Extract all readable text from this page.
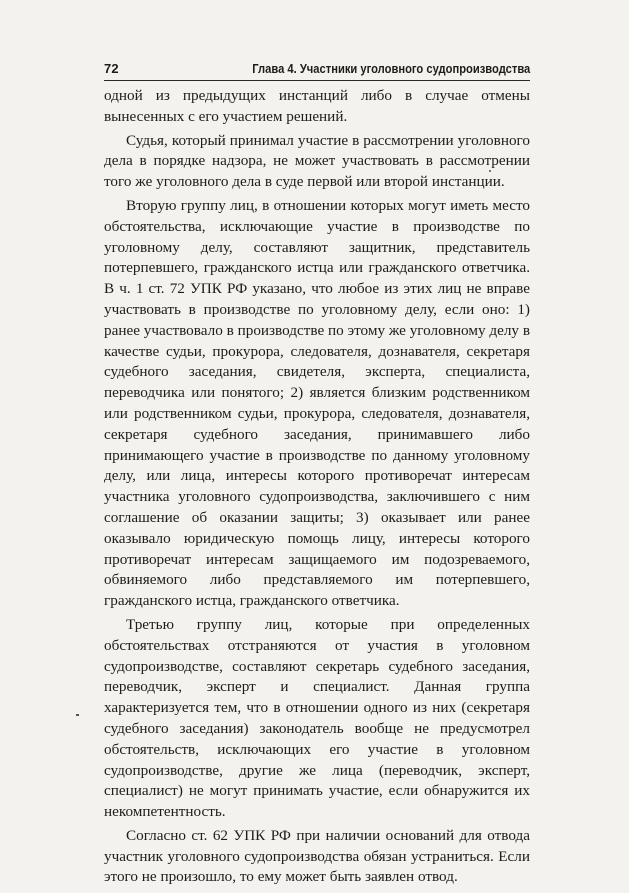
72	Глава 4. Участники уголовного судопроизводства

одной из предыдущих инстанций либо в случае отмены вынесенных с его участием решений.

Судья, который принимал участие в рассмотрении уголовного дела в порядке надзора, не может участвовать в рассмотрении того же уголовного дела в суде первой или второй инстанции.

Вторую группу лиц, в отношении которых могут иметь место обстоятельства, исключающие участие в производстве по уголовному делу, составляют защитник, представитель потерпевшего, гражданского истца или гражданского ответчика. В ч. 1 ст. 72 УПК РФ указано, что любое из этих лиц не вправе участвовать в производстве по уголовному делу, если оно: 1) ранее участвовало в производстве по этому же уголовному делу в качестве судьи, прокурора, следователя, дознавателя, секретаря судебного заседания, свидетеля, эксперта, специалиста, переводчика или понятого; 2) является близким родственником или родственником судьи, прокурора, следователя, дознавателя, секретаря судебного заседания, принимавшего либо принимающего участие в производстве по данному уголовному делу, или лица, интересы которого противоречат интересам участника уголовного судопроизводства, заключившего с ним соглашение об оказании защиты; 3) оказывает или ранее оказывало юридическую помощь лицу, интересы которого противоречат интересам защищаемого им подозреваемого, обвиняемого либо представляемого им потерпевшего, гражданского истца, гражданского ответчика.

Третью группу лиц, которые при определенных обстоятельствах отстраняются от участия в уголовном судопроизводстве, составляют секретарь судебного заседания, переводчик, эксперт и специалист. Данная группа характеризуется тем, что в отношении одного из них (секретаря судебного заседания) законодатель вообще не предусмотрел обстоятельств, исключающих его участие в уголовном судопроизводстве, другие же лица (переводчик, эксперт, специалист) не могут принимать участие, если обнаружится их некомпетентность.

Согласно ст. 62 УПК РФ при наличии оснований для отвода участник уголовного судопроизводства обязан устраниться. Если этого не произошло, то ему может быть заявлен отвод.
